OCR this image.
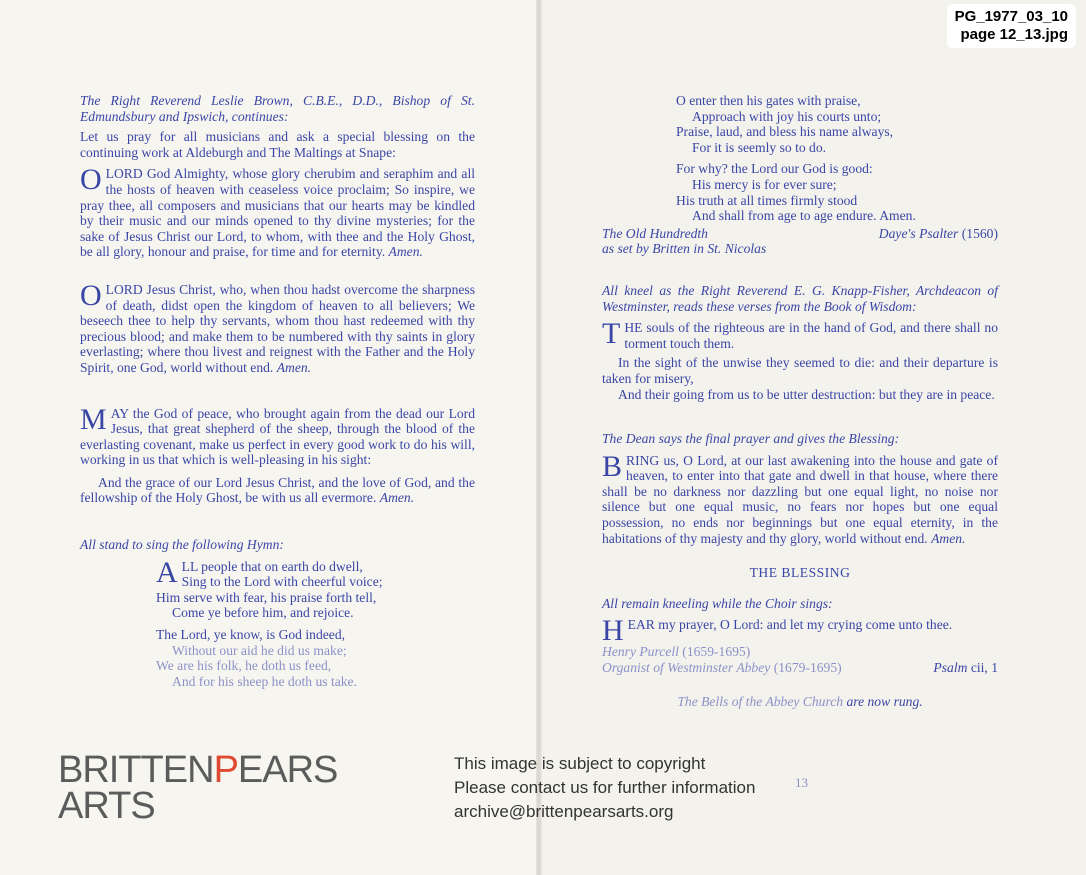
PG_1977_03_10
page 12_13.jpg

The Right Reverend Leslie Brown, C.B.E., D.D., Bishop of St. Edmundsbury and Ipswich, continues:

Let us pray for all musicians and ask a special blessing on the continuing work at Aldeburgh and The Maltings at Snape:

OLORD God Almighty, whose glory cherubim and seraphim and all the hosts of heaven with ceaseless voice proclaim; So inspire, we pray thee, all composers and musicians that our hearts may be kindled by their music and our minds opened to thy divine mysteries; for the sake of Jesus Christ our Lord, to whom, with thee and the Holy Ghost, be all glory, honour and praise, for time and for eternity. Amen.

OLORD Jesus Christ, who, when thou hadst overcome the sharpness of death, didst open the kingdom of heaven to all believers; We beseech thee to help thy servants, whom thou hast redeemed with thy precious blood; and make them to be numbered with thy saints in glory everlasting; where thou livest and reignest with the Father and the Holy Spirit, one God, world without end. Amen.

MAY the God of peace, who brought again from the dead our Lord Jesus, that great shepherd of the sheep, through the blood of the everlasting covenant, make us perfect in every good work to do his will, working in us that which is well-pleasing in his sight:

And the grace of our Lord Jesus Christ, and the love of God, and the fellowship of the Holy Ghost, be with us all evermore. Amen.

All stand to sing the following Hymn:

A LL people that on earth do dwell,
Sing to the Lord with cheerful voice;
Him serve with fear, his praise forth tell,
Come ye before him, and rejoice.
The Lord, ye know, is God indeed,
Without our aid he did us make;
We are his folk, he doth us feed,
And for his sheep he doth us take.
O enter then his gates with praise,
Approach with joy his courts unto;
Praise, laud, and bless his name always,
For it is seemly so to do.
For why? the Lord our God is good:
His mercy is for ever sure;
His truth at all times firmly stood
And shall from age to age endure. Amen.
The Old Hundredth	Daye's Psalter (1560)

as set by Britten in St. Nicolas

All kneel as the Right Reverend E. G. Knapp-Fisher, Archdeacon of Westminster, reads these verses from the Book of Wisdom:

THE souls of the righteous are in the hand of God, and there shall no torment touch them.

In the sight of the unwise they seemed to die: and their departure is taken for misery,

And their going from us to be utter destruction: but they are in peace.

The Dean says the final prayer and gives the Blessing:

BRING us, O Lord, at our last awakening into the house and gate of heaven, to enter into that gate and dwell in that house, where there shall be no darkness nor dazzling but one equal light, no noise nor silence but one equal music, no fears nor hopes but one equal possession, no ends nor beginnings but one equal eternity, in the habitations of thy majesty and thy glory, world without end. Amen.

THE BLESSING

All remain kneeling while the Choir sings:

HEAR my prayer, O Lord: and let my crying come unto thee.

Henry Purcell (1659-1695)

Organist of Westminster Abbey (1679-1695)	Psalm cii, 1

The Bells of the Abbey Church are now rung.

13
BRITTENPEARS
ARTS
This image is subject to copyright
Please contact us for further information
archive@brittenpearsarts.org
